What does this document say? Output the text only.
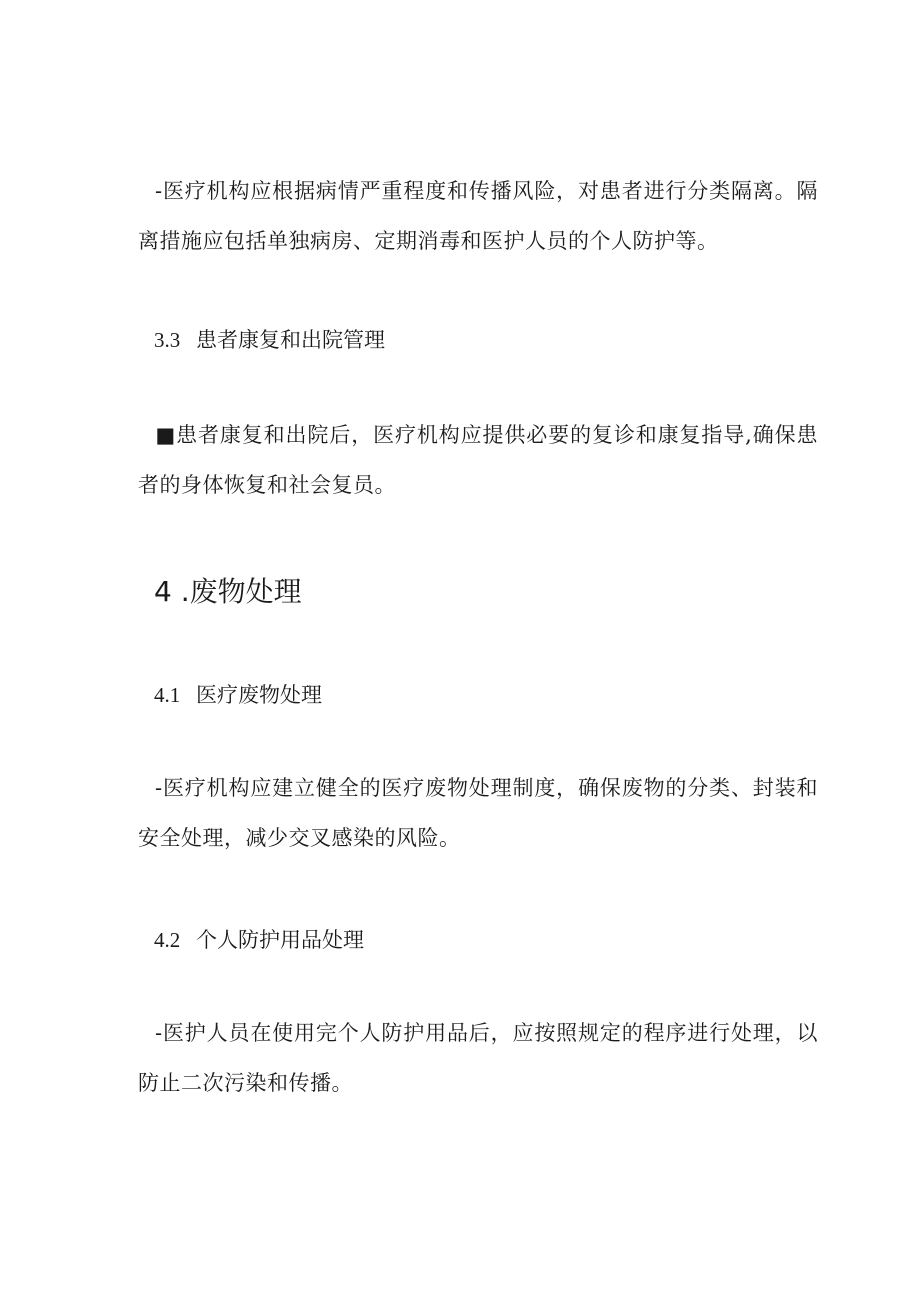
-医疗机构应根据病情严重程度和传播风险，对患者进行分类隔离。隔离措施应包括单独病房、定期消毒和医护人员的个人防护等。

3.3 患者康复和出院管理

■患者康复和出院后，医疗机构应提供必要的复诊和康复指导,确保患者的身体恢复和社会复员。

4 .废物处理

4.1 医疗废物处理

-医疗机构应建立健全的医疗废物处理制度，确保废物的分类、封装和安全处理，减少交叉感染的风险。

4.2 个人防护用品处理

-医护人员在使用完个人防护用品后，应按照规定的程序进行处理，以防止二次污染和传播。
